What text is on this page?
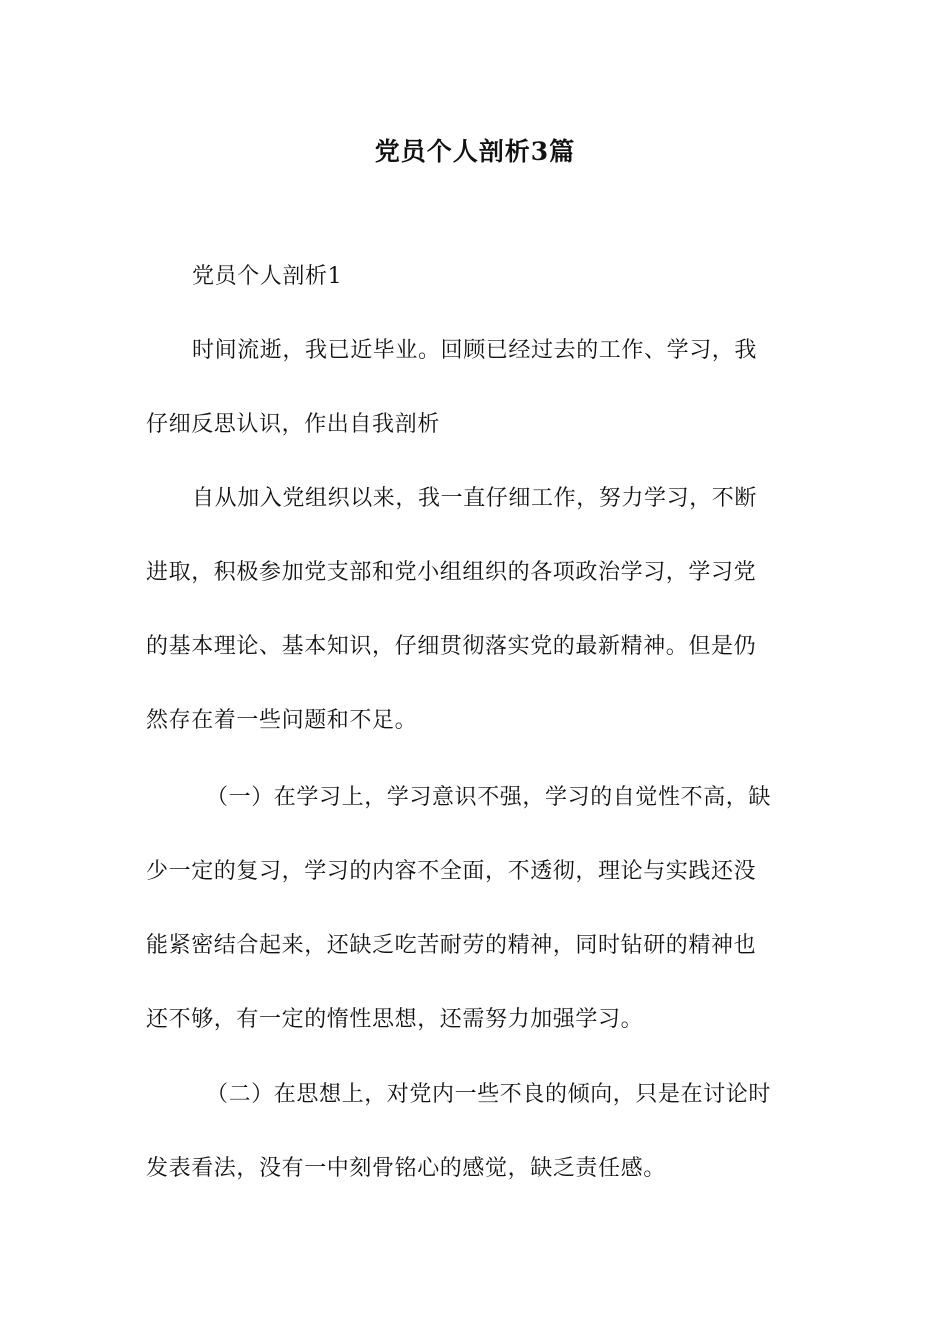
党员个人剖析3篇

党员个人剖析1

时间流逝，我已近毕业。回顾已经过去的工作、学习，我

仔细反思认识，作出自我剖析

自从加入党组织以来，我一直仔细工作，努力学习，不断

进取，积极参加党支部和党小组组织的各项政治学习，学习党

的基本理论、基本知识，仔细贯彻落实党的最新精神。但是仍

然存在着一些问题和不足。

（一）在学习上，学习意识不强，学习的自觉性不高，缺

少一定的复习，学习的内容不全面，不透彻，理论与实践还没

能紧密结合起来，还缺乏吃苦耐劳的精神，同时钻研的精神也

还不够，有一定的惰性思想，还需努力加强学习。

（二）在思想上，对党内一些不良的倾向，只是在讨论时

发表看法，没有一中刻骨铭心的感觉，缺乏责任感。
